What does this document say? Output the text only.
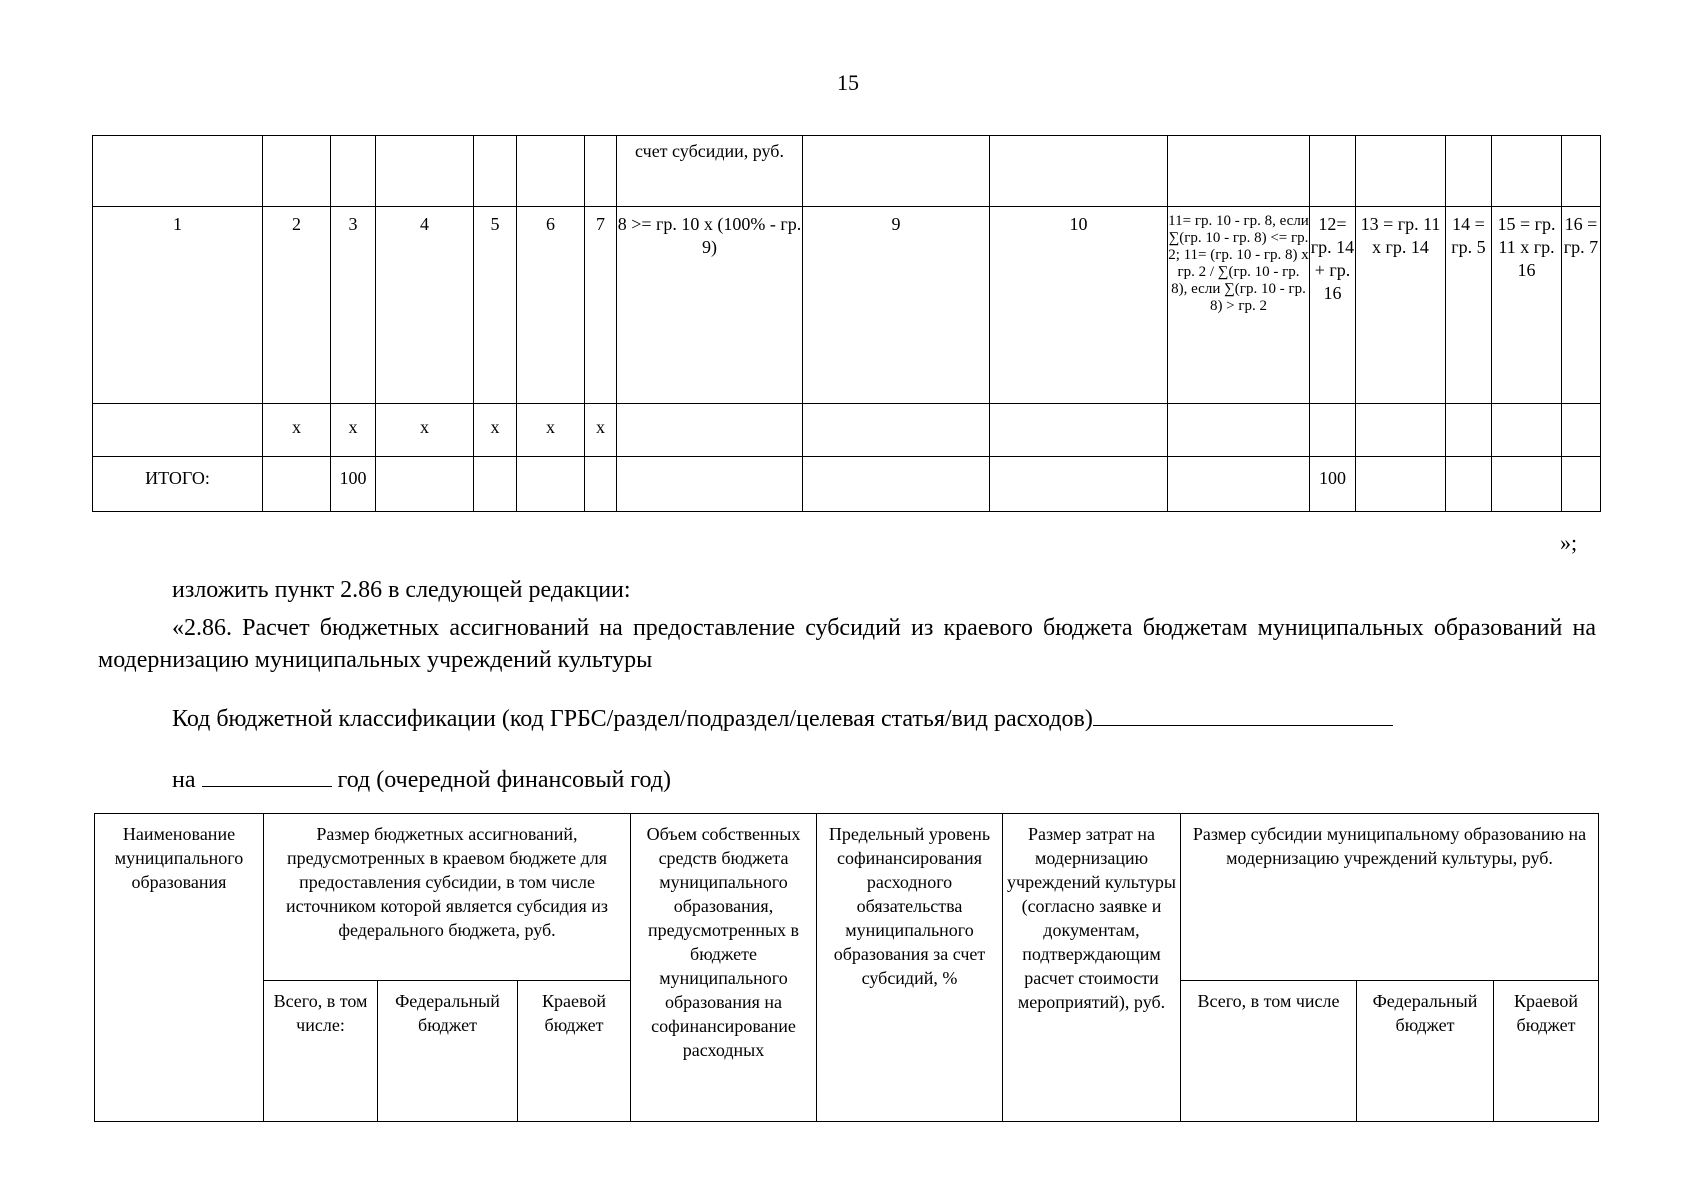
15
							счет субсидии, руб.								
1	2	3	4	5	6	7	8 >= гр. 10 х (100% - гр. 9)	9	10	11= гр. 10 - гр. 8, если ∑(гр. 10 - гр. 8) <= гр. 2; 11= (гр. 10 - гр. 8) х гр. 2 / ∑(гр. 10 - гр. 8), если ∑(гр. 10 - гр. 8) > гр. 2	12= гр. 14 + гр. 16	13 = гр. 11 х гр. 14	14 = гр. 5	15 = гр. 11 х гр. 16	16 = гр. 7
	х	х	х	х	х	х									
ИТОГО:		100									100				
»;
изложить пункт 2.86 в следующей редакции:
«2.86. Расчет бюджетных ассигнований на предоставление субсидий из краевого бюджета бюджетам муниципальных образований на модернизацию муниципальных учреждений культуры
Код бюджетной классификации (код ГРБС/раздел/подраздел/целевая статья/вид расходов)
на	год (очередной финансовый год)
Наименование муниципального образования	Размер бюджетных ассигнований, предусмотренных в краевом бюджете для предоставления субсидии, в том числе источником которой является субсидия из федерального бюджета, руб.			Объем собственных средств бюджета муниципального образования, предусмотренных в бюджете муниципального образования на софинансирование расходных	Предельный уровень софинансирования расходного обязательства муниципального образования за счет субсидий, %	Размер затрат на модернизацию учреждений культуры (согласно заявке и документам, подтверждающим расчет стоимости мероприятий), руб.	Размер субсидии муниципальному образованию на модернизацию учреждений культуры, руб.		
	Всего, в том числе:	Федеральный бюджет	Краевой бюджет				Всего, в том числе	Федеральный бюджет	Краевой бюджет
